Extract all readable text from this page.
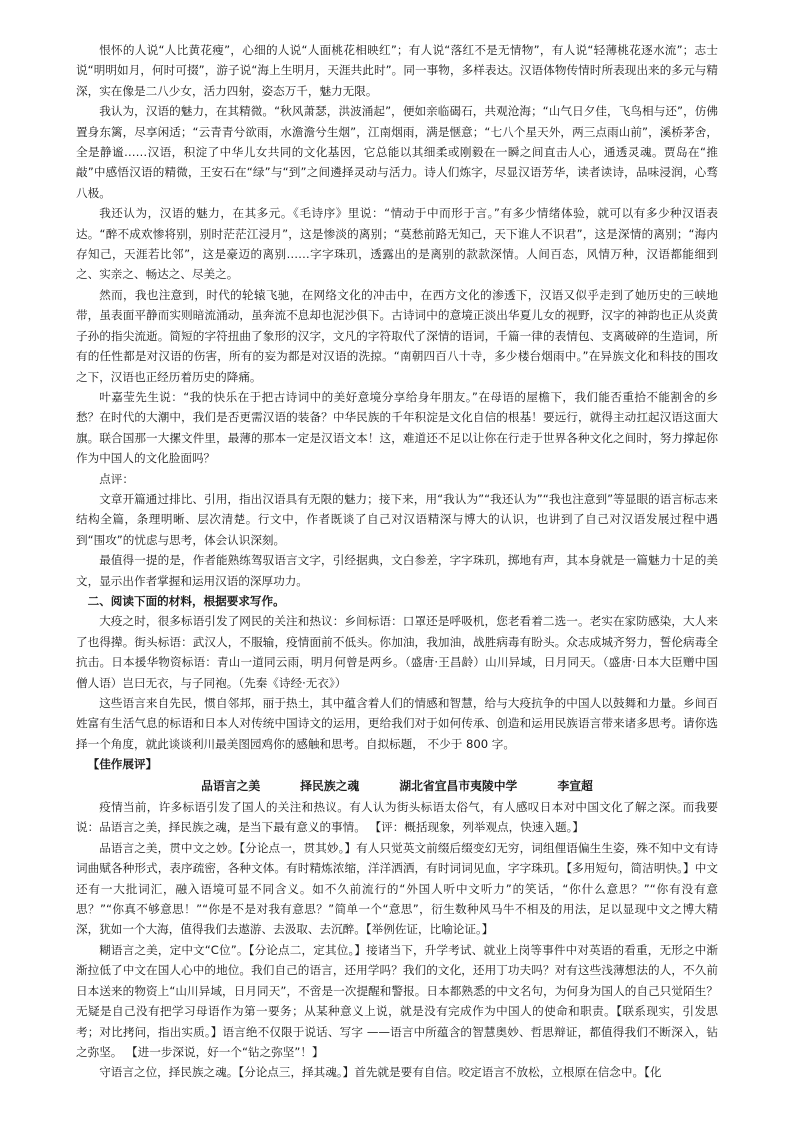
恨怀的人说“人比黄花瘦”，心细的人说“人面桃花相映红”；有人说“落红不是无情物”，有人说“轻薄桃花逐水流”；志士说“明明如月，何时可掇”，游子说“海上生明月，天涯共此时”。同一事物，多样表达。汉语体物传情时所表现出来的多元与精深，实在像是二八少女，活力四射，姿态万千，魅力无限。

我认为，汉语的魅力，在其精微。“秋风萧瑟，洪波涌起”，便如亲临碣石，共观沧海；“山气日夕佳，飞鸟相与还”，仿佛置身东篱，尽享闲适；“云青青兮欲雨，水澹澹兮生烟”，江南烟雨，满是惬意；“七八个星天外，两三点雨山前”，溪桥茅舍，全是静谧……汉语，积淀了中华儿女共同的文化基因，它总能以其细柔或刚毅在一瞬之间直击人心，通透灵魂。贾岛在“推敲”中感悟汉语的精微，王安石在“绿”与“到”之间遴择灵动与活力。诗人们炼字，尽显汉语芳华，读者读诗，品味浸润，心骛八极。

我还认为，汉语的魅力，在其多元。《毛诗序》里说：“情动于中而形于言。”有多少情绪体验，就可以有多少种汉语表达。“醉不成欢惨将别，别时茫茫江浸月”，这是惨淡的离别；“莫愁前路无知己，天下谁人不识君”，这是深情的离别；“海内存知己，天涯若比邻”，这是豪迈的离别……字字珠玑，透露出的是离别的款款深情。人间百态，风情万种，汉语都能细到之、实亲之、畅达之、尽美之。

然而，我也注意到，时代的轮辕飞驰，在网络文化的冲击中，在西方文化的渗透下，汉语又似乎走到了她历史的三峡地带，虽表面平静而实则暗流涌动，虽奔流不息却也泥沙俱下。古诗词中的意境正淡出华夏儿女的视野，汉字的神韵也正从炎黄子孙的指尖流逝。简短的字符扭曲了象形的汉字，文凡的字符取代了深情的语词，千篇一律的表情包、支离破碎的生造词，所有的任性都是对汉语的伤害，所有的妄为都是对汉语的洗掠。“南朝四百八十寺，多少楼台烟雨中。”在异族文化和科技的围攻之下，汉语也正经历着历史的降痛。

叶嘉莹先生说：“我的快乐在于把古诗词中的美好意境分享给身年朋友。”在母语的屋檐下，我们能否重拾不能割舍的乡愁？在时代的大潮中，我们是否更需汉语的装备？中华民族的千年积淀是文化自信的根基！要远行，就得主动扛起汉语这面大旗。联合国那一大摞文件里，最薄的那本一定是汉语文本！这，难道还不足以让你在行走于世界各种文化之间时，努力撑起你作为中国人的文化脸面吗？

点评：

文章开篇通过排比、引用，指出汉语具有无限的魅力；接下来，用“我认为”“我还认为”“我也注意到”等显眼的语言标志来结构全篇，条理明晰、层次清楚。行文中，作者既谈了自己对汉语精深与博大的认识，也讲到了自己对汉语发展过程中遇到“围攻”的忧虑与思考，体会认识深刻。

最值得一提的是，作者能熟练驾驭语言文字，引经据典，文白参差，字字珠玑，掷地有声，其本身就是一篇魅力十足的美文，显示出作者掌握和运用汉语的深厚功力。

二、阅读下面的材料，根据要求写作。

大疫之时，很多标语引发了网民的关注和热议：乡间标语：口罩还是呼吸机，您老看着二选一。老实在家防感染，大人来了也得撵。街头标语：武汉人，不服输，疫情面前不低头。你加油，我加油，战胜病毒有盼头。众志成城齐努力，誓伦病毒全抗击。日本援华物资标语：青山一道同云雨，明月何曾是两乡。（盛唐·王昌龄）山川异域，日月同天。（盛唐·日本大臣赠中国僧人语）岂曰无衣，与子同袍。（先秦《诗经·无衣》）

这些语言来自先民，惯自邻邦，丽于热土，其中蕴含着人们的情感和智慧，给与大疫抗争的中国人以鼓舞和力量。乡间百姓富有生活气息的标语和日本人对传统中国诗文的运用，更给我们对于如何传承、创造和运用民族语言带来诸多思考。请你选择一个角度，就此谈谈利川最美图园鸡你的感触和思考。自拟标题， 不少于 800 字。

【佳作展评】

品语言之美	择民族之魂	湖北省宜昌市夷陵中学	李宣超

疫情当前，许多标语引发了国人的关注和热议。有人认为街头标语太俗气，有人感叹日本对中国文化了解之深。而我要说：品语言之美，择民族之魂，是当下最有意义的事情。 【评：概括现象，列举观点，快速入题。】

品语言之美，贯中文之妙。【分论点一，贯其妙。】有人只觉英文前缀后缀变幻无穷，词组俚语偏生生姿，殊不知中文有诗词曲赋各种形式，表序疏密，各种文体。有时精炼浓缩，洋洋洒洒，有时词词见血，字字珠玑。【多用短句，简洁明快。】中文还有一大批词汇，融入语境可显不同含义。如不久前流行的“外国人听中文听力”的笑话，“你什么意思？”“你有没有意思？”“你真不够意思！”“你是不是对我有意思？”简单一个“意思”，衍生数种风马牛不相及的用法，足以显现中文之博大精深，犹如一个大海，值得我们去遨游、去汲取、去沉醉。【举例佐证，比喻论证。】

糊语言之美，定中文“C位”。【分论点二，定其位。】接诸当下，升学考试、就业上岗等事件中对英语的看重，无形之中渐渐拉低了中文在国人心中的地位。我们自己的语言，还用学吗？我们的文化，还用丁功夫吗？对有这些浅薄想法的人，不久前日本送来的物资上“山川异域，日月同天”，不啻是一次提醒和警报。日本都熟悉的中文名句，为何身为国人的自己只觉陌生？无疑是自己没有把学习母语作为第一要务；从某种意义上说，就是没有完成作为中国人的使命和职责。【联系现实，引发思考；对比拷问，指出实质。】语言绝不仅限于说话、写字 ——语言中所蕴含的智慧奥妙、哲思辩证，都值得我们不断深入，钻之弥坚。 【进一步深说，好一个“钻之弥坚”！】

守语言之位，择民族之魂。【分论点三，择其魂。】首先就是要有自信。咬定语言不放松，立根原在信念中。【化
